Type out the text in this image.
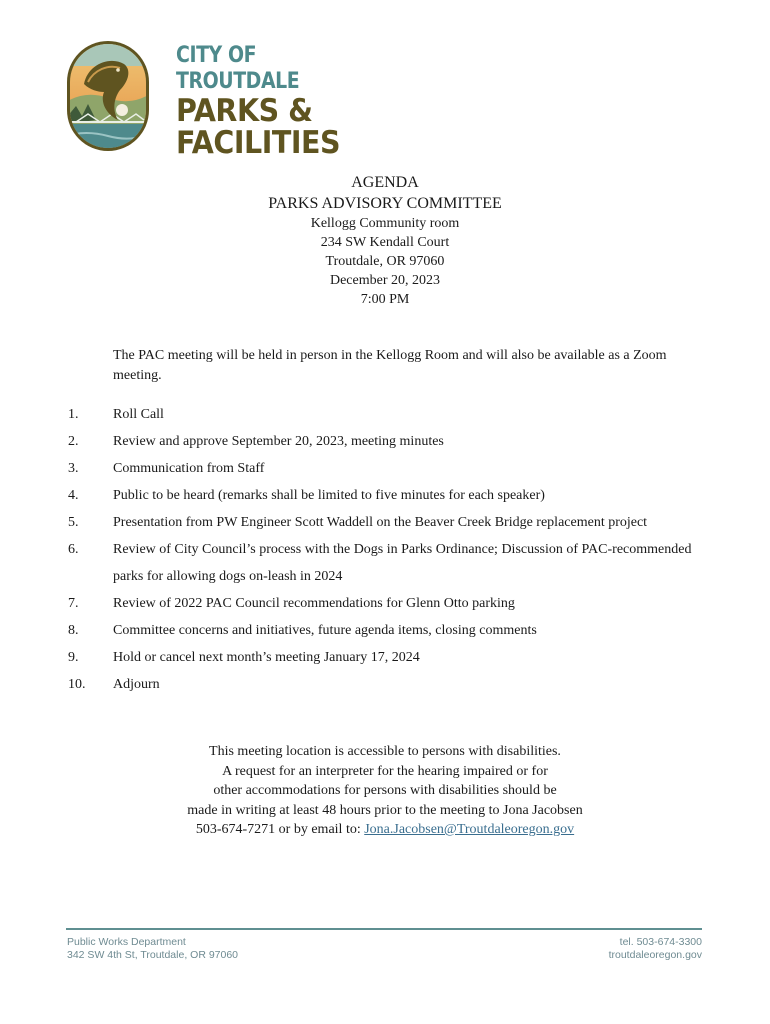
CITY OF TROUTDALE
PARKS &
FACILITIES
AGENDA
PARKS ADVISORY COMMITTEE
Kellogg Community room
234 SW Kendall Court
Troutdale, OR 97060
December 20, 2023
7:00 PM
The PAC meeting will be held in person in the Kellogg Room and will also be available as a Zoom meeting.
1. Roll Call
2. Review and approve September 20, 2023, meeting minutes
3. Communication from Staff
4. Public to be heard (remarks shall be limited to five minutes for each speaker)
5. Presentation from PW Engineer Scott Waddell on the Beaver Creek Bridge replacement project
6. Review of City Council’s process with the Dogs in Parks Ordinance; Discussion of PAC-recommended parks for allowing dogs on-leash in 2024
7. Review of 2022 PAC Council recommendations for Glenn Otto parking
8. Committee concerns and initiatives, future agenda items, closing comments
9. Hold or cancel next month’s meeting January 17, 2024
10. Adjourn
This meeting location is accessible to persons with disabilities.
A request for an interpreter for the hearing impaired or for
other accommodations for persons with disabilities should be
made in writing at least 48 hours prior to the meeting to Jona Jacobsen
503-674-7271 or by email to: Jona.Jacobsen@Troutdaleoregon.gov
Public Works Department
342 SW 4th St, Troutdale, OR 97060
tel. 503-674-3300
troutdaleoregon.gov
